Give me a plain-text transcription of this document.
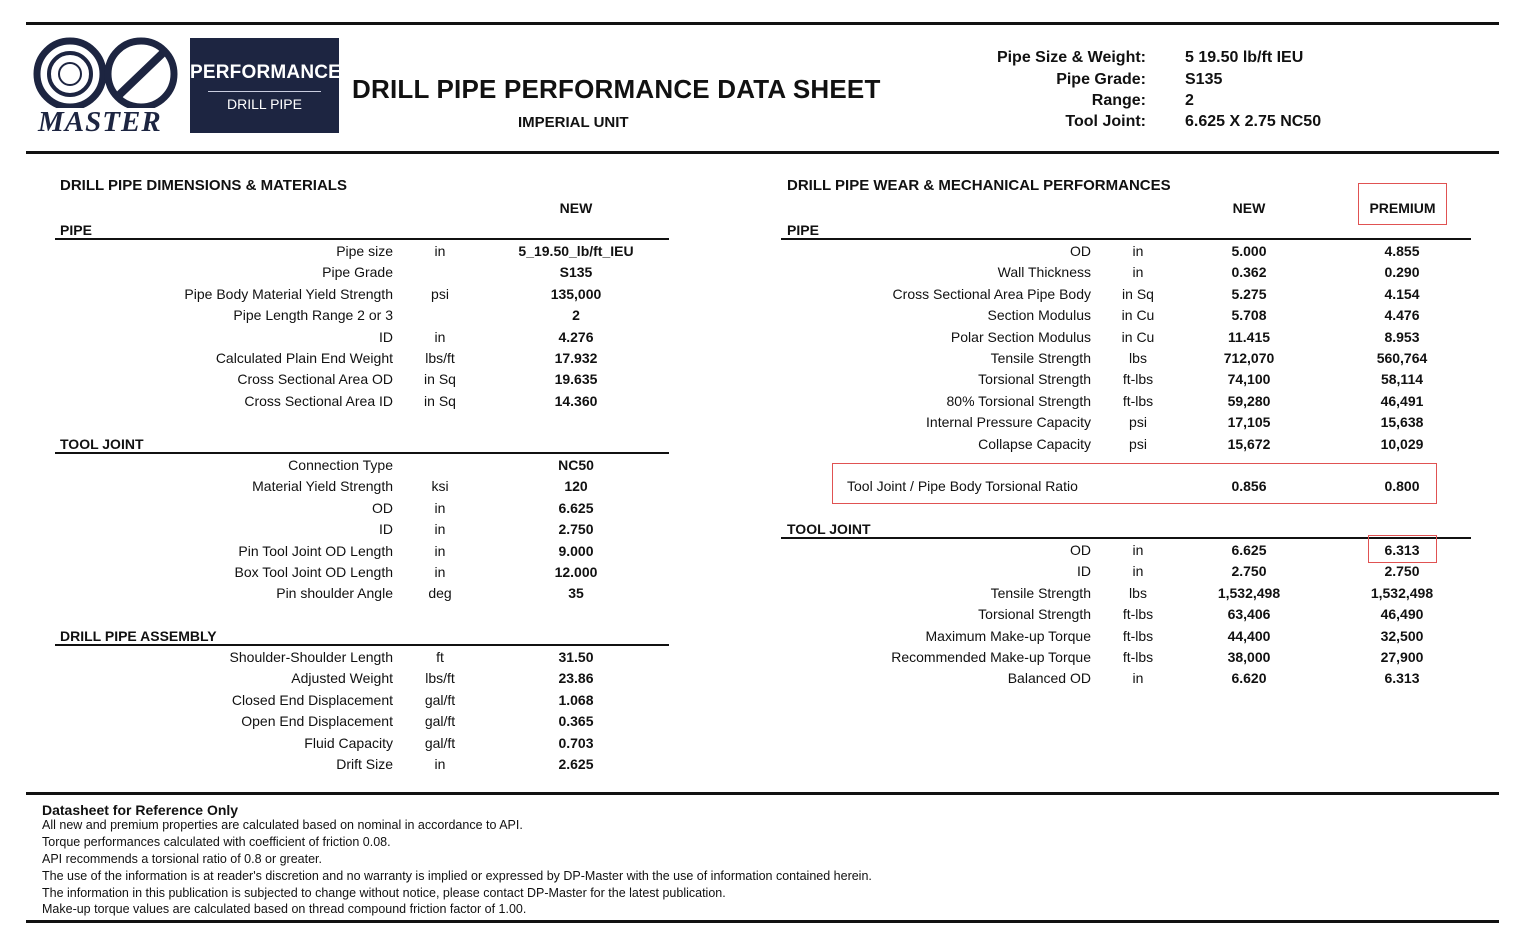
MASTER
PERFORMANCE
DRILL PIPE	DRILL PIPE PERFORMANCE DATA SHEET
IMPERIAL UNIT
Pipe Size & Weight: 5 19.50 lb/ft IEU
Pipe Grade: S135
Range: 2
Tool Joint: 6.625 X 2.75 NC50
DRILL PIPE DIMENSIONS & MATERIALS
NEW
PIPE
Pipe size	in	5_19.50_lb/ft_IEU
Pipe Grade	S135
Pipe Body Material Yield Strength	psi	135,000
Pipe Length Range 2 or 3	2
ID	in	4.276
Calculated Plain End Weight	lbs/ft	17.932
Cross Sectional Area OD	in Sq	19.635
Cross Sectional Area ID	in Sq	14.360
TOOL JOINT
Connection Type	NC50
Material Yield Strength	ksi	120
OD	in	6.625
ID	in	2.750
Pin Tool Joint OD Length	in	9.000
Box Tool Joint OD Length	in	12.000
Pin shoulder Angle	deg	35
DRILL PIPE ASSEMBLY
Shoulder-Shoulder Length	ft	31.50
Adjusted Weight	lbs/ft	23.86
Closed End Displacement	gal/ft	1.068
Open End Displacement	gal/ft	0.365
Fluid Capacity	gal/ft	0.703
Drift Size	in	2.625
DRILL PIPE WEAR & MECHANICAL PERFORMANCES
NEW	PREMIUM
PIPE
OD	in	5.000	4.855
Wall Thickness	in	0.362	0.290
Cross Sectional Area Pipe Body	in Sq	5.275	4.154
Section Modulus	in Cu	5.708	4.476
Polar Section Modulus	in Cu	11.415	8.953
Tensile Strength	lbs	712,070	560,764
Torsional Strength	ft-lbs	74,100	58,114
80% Torsional Strength	ft-lbs	59,280	46,491
Internal Pressure Capacity	psi	17,105	15,638
Collapse Capacity	psi	15,672	10,029
Tool Joint / Pipe Body Torsional Ratio	0.856	0.800
TOOL JOINT
OD	in	6.625	6.313
ID	in	2.750	2.750
Tensile Strength	lbs	1,532,498	1,532,498
Torsional Strength	ft-lbs	63,406	46,490
Maximum Make-up Torque	ft-lbs	44,400	32,500
Recommended Make-up Torque	ft-lbs	38,000	27,900
Balanced OD	in	6.620	6.313
Datasheet for Reference Only
All new and premium properties are calculated based on nominal in accordance to API.
Torque performances calculated with coefficient of friction 0.08.
API recommends a torsional ratio of 0.8 or greater.
The use of the information is at reader's discretion and no warranty is implied or expressed by DP-Master with the use of information contained herein.
The information in this publication is subjected to change without notice, please contact DP-Master for the latest publication.
Make-up torque values are calculated based on thread compound friction factor of 1.00.
